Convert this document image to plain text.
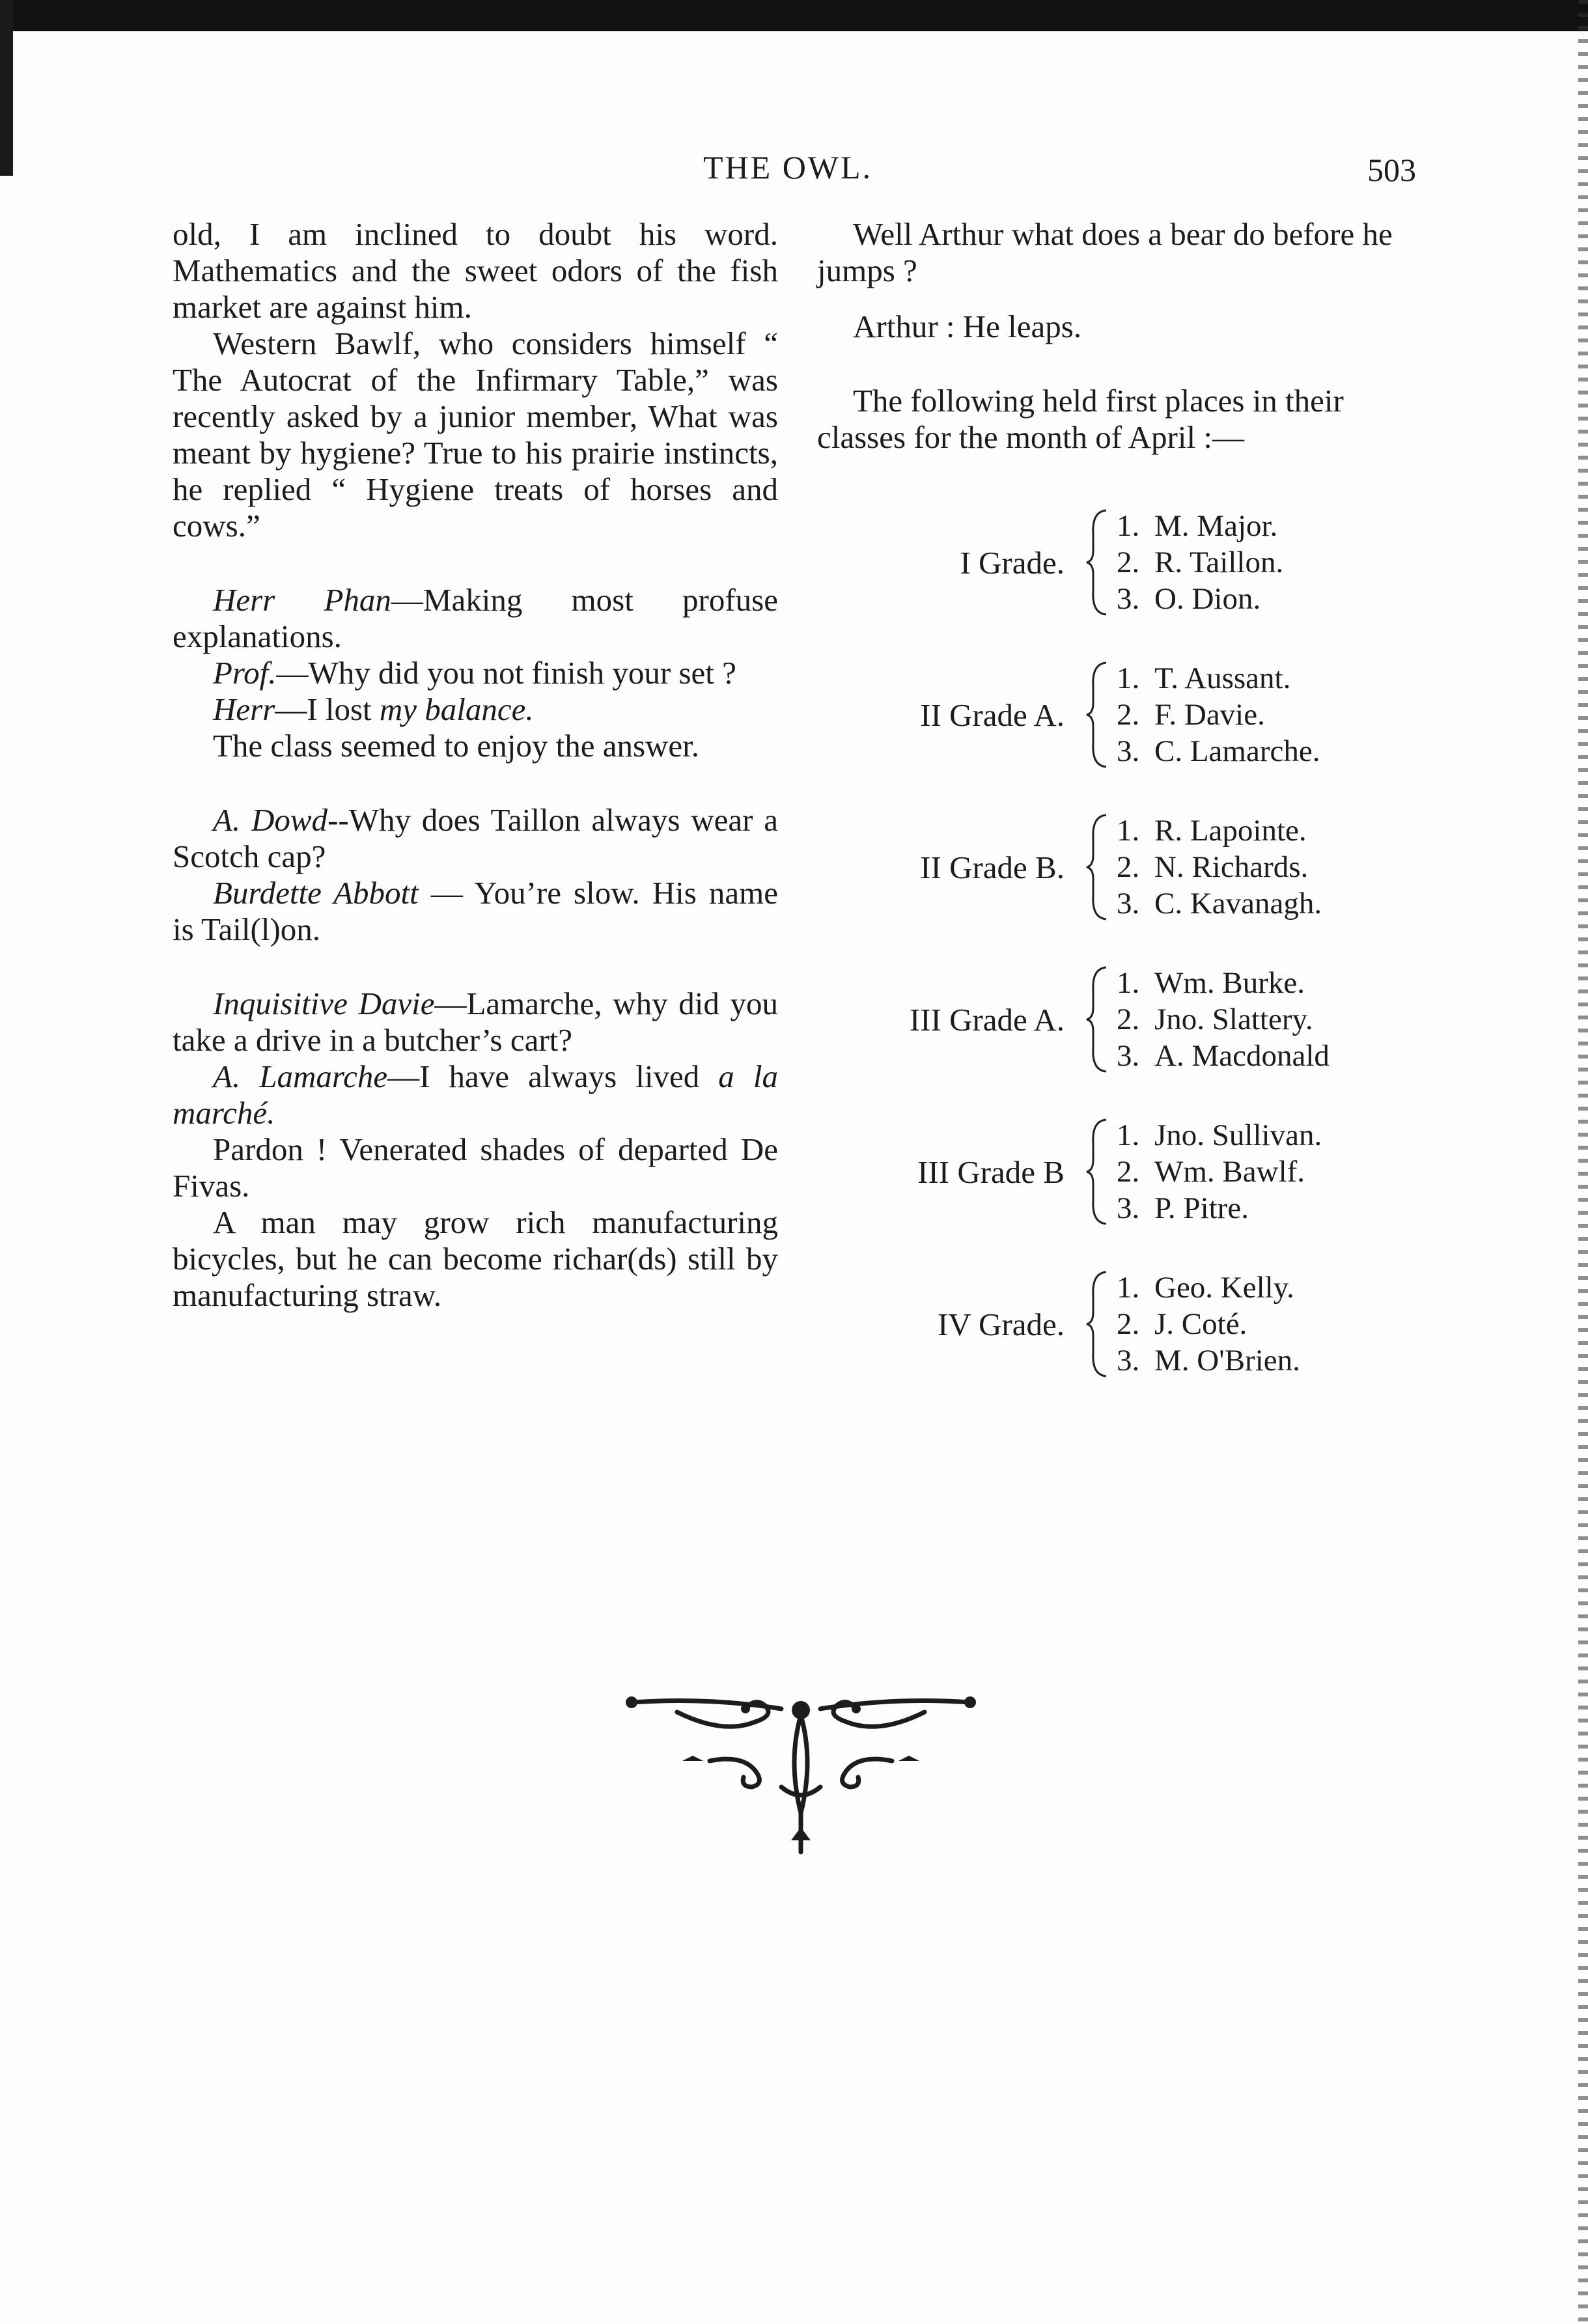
THE OWL.	503

old, I am inclined to doubt his word. Mathematics and the sweet odors of the fish market are against him.

Western Bawlf, who considers himself “ The Autocrat of the Infirmary Table,” was recently asked by a junior member, What was meant by hygiene? True to his prairie instincts, he replied “ Hygiene treats of horses and cows.”

Herr Phan—Making most profuse explanations.

Prof.—Why did you not finish your set ?

Herr—I lost my balance.

The class seemed to enjoy the answer.

A. Dowd--Why does Taillon always wear a Scotch cap?

Burdette Abbott — You’re slow. His name is Tail(l)on.

Inquisitive Davie—Lamarche, why did you take a drive in a butcher’s cart?

A. Lamarche—I have always lived a la marché.

Pardon ! Venerated shades of departed De Fivas.

A man may grow rich manufacturing bicycles, but he can become richar(ds) still by manufacturing straw.

Well Arthur what does a bear do before he jumps ?

Arthur : He leaps.

The following held first places in their classes for the month of April :—

I Grade.
1. M. Major.
2. R. Taillon.
3. O. Dion.
II Grade A.
1. T. Aussant.
2. F. Davie.
3. C. Lamarche.
II Grade B.
1. R. Lapointe.
2. N. Richards.
3. C. Kavanagh.
III Grade A.
1. Wm. Burke.
2. Jno. Slattery.
3. A. Macdonald
III Grade B
1. Jno. Sullivan.
2. Wm. Bawlf.
3. P. Pitre.
IV Grade.
1. Geo. Kelly.
2. J. Coté.
3. M. O'Brien.
